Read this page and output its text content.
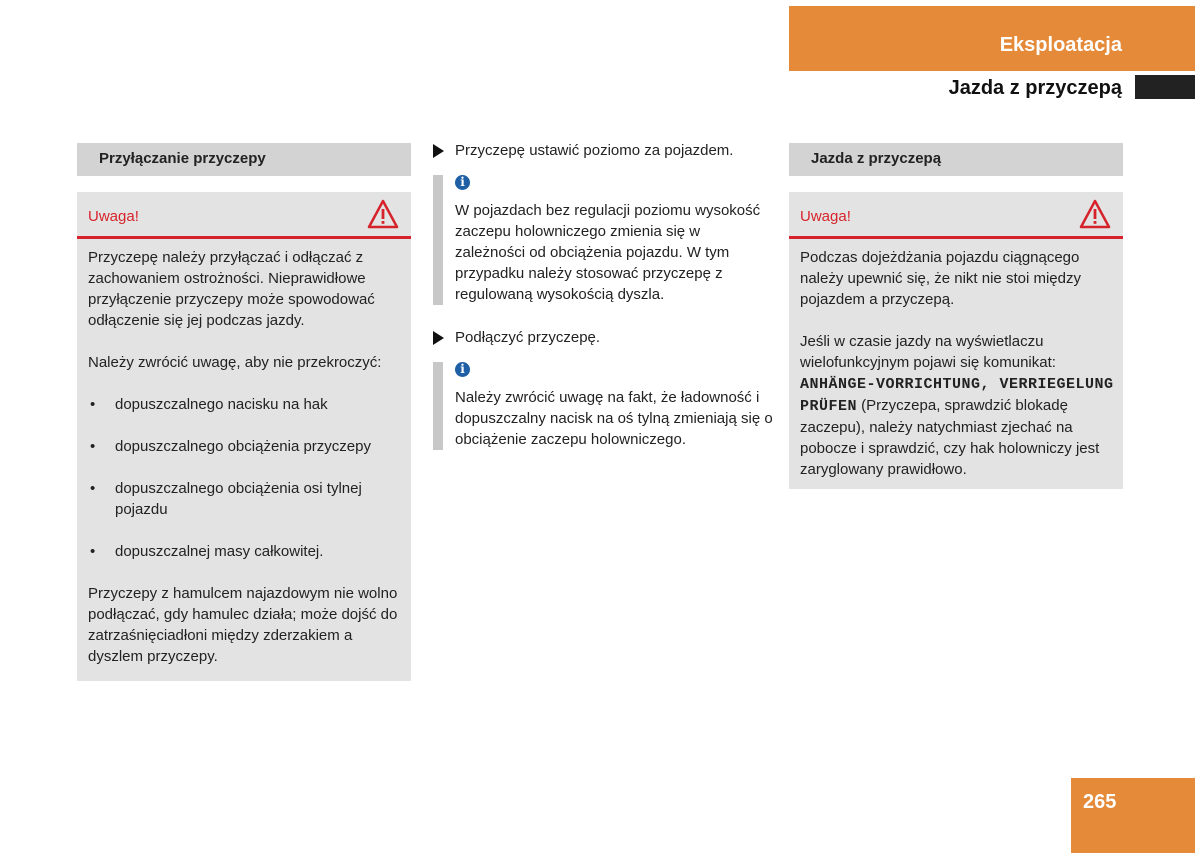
Eksploatacja
Jazda z przyczepą
Przyłączanie przyczepy
Uwaga!

Przyczepę należy przyłączać i odłączać z zachowaniem ostrożności. Nieprawidłowe przyłączenie przyczepy może spowodować odłączenie się jej podczas jazdy.

Należy zwrócić uwagę, aby nie przekroczyć:

• dopuszczalnego nacisku na hak
• dopuszczalnego obciążenia przyczepy
• dopuszczalnego obciążenia osi tylnej pojazdu
• dopuszczalnej masy całkowitej.

Przyczepy z hamulcem najazdowym nie wolno podłączać, gdy hamulec działa; może dojść do zatrzaśnięciadłoni między zderzakiem a dyszlem przyczepy.

Przyczepę ustawić poziomo za pojazdem.
i
W pojazdach bez regulacji poziomu wysokość zaczepu holowniczego zmienia się w zależności od obciążenia pojazdu. W tym przypadku należy stosować przyczepę z regulowaną wysokością dyszla.
Podłączyć przyczepę.
i
Należy zwrócić uwagę na fakt, że ładowność i dopuszczalny nacisk na oś tylną zmieniają się o obciążenie zaczepu holowniczego.
Jazda z przyczepą
Uwaga!

Podczas dojeżdżania pojazdu ciągnącego należy upewnić się, że nikt nie stoi między pojazdem a przyczepą.

Jeśli w czasie jazdy na wyświetlaczu wielofunkcyjnym pojawi się komunikat: ANHÄNGE-VORRICHTUNG, VERRIEGELUNG PRÜFEN (Przyczepa, sprawdzić blokadę zaczepu), należy natychmiast zjechać na pobocze i sprawdzić, czy hak holowniczy jest zaryglowany prawidłowo.

265
